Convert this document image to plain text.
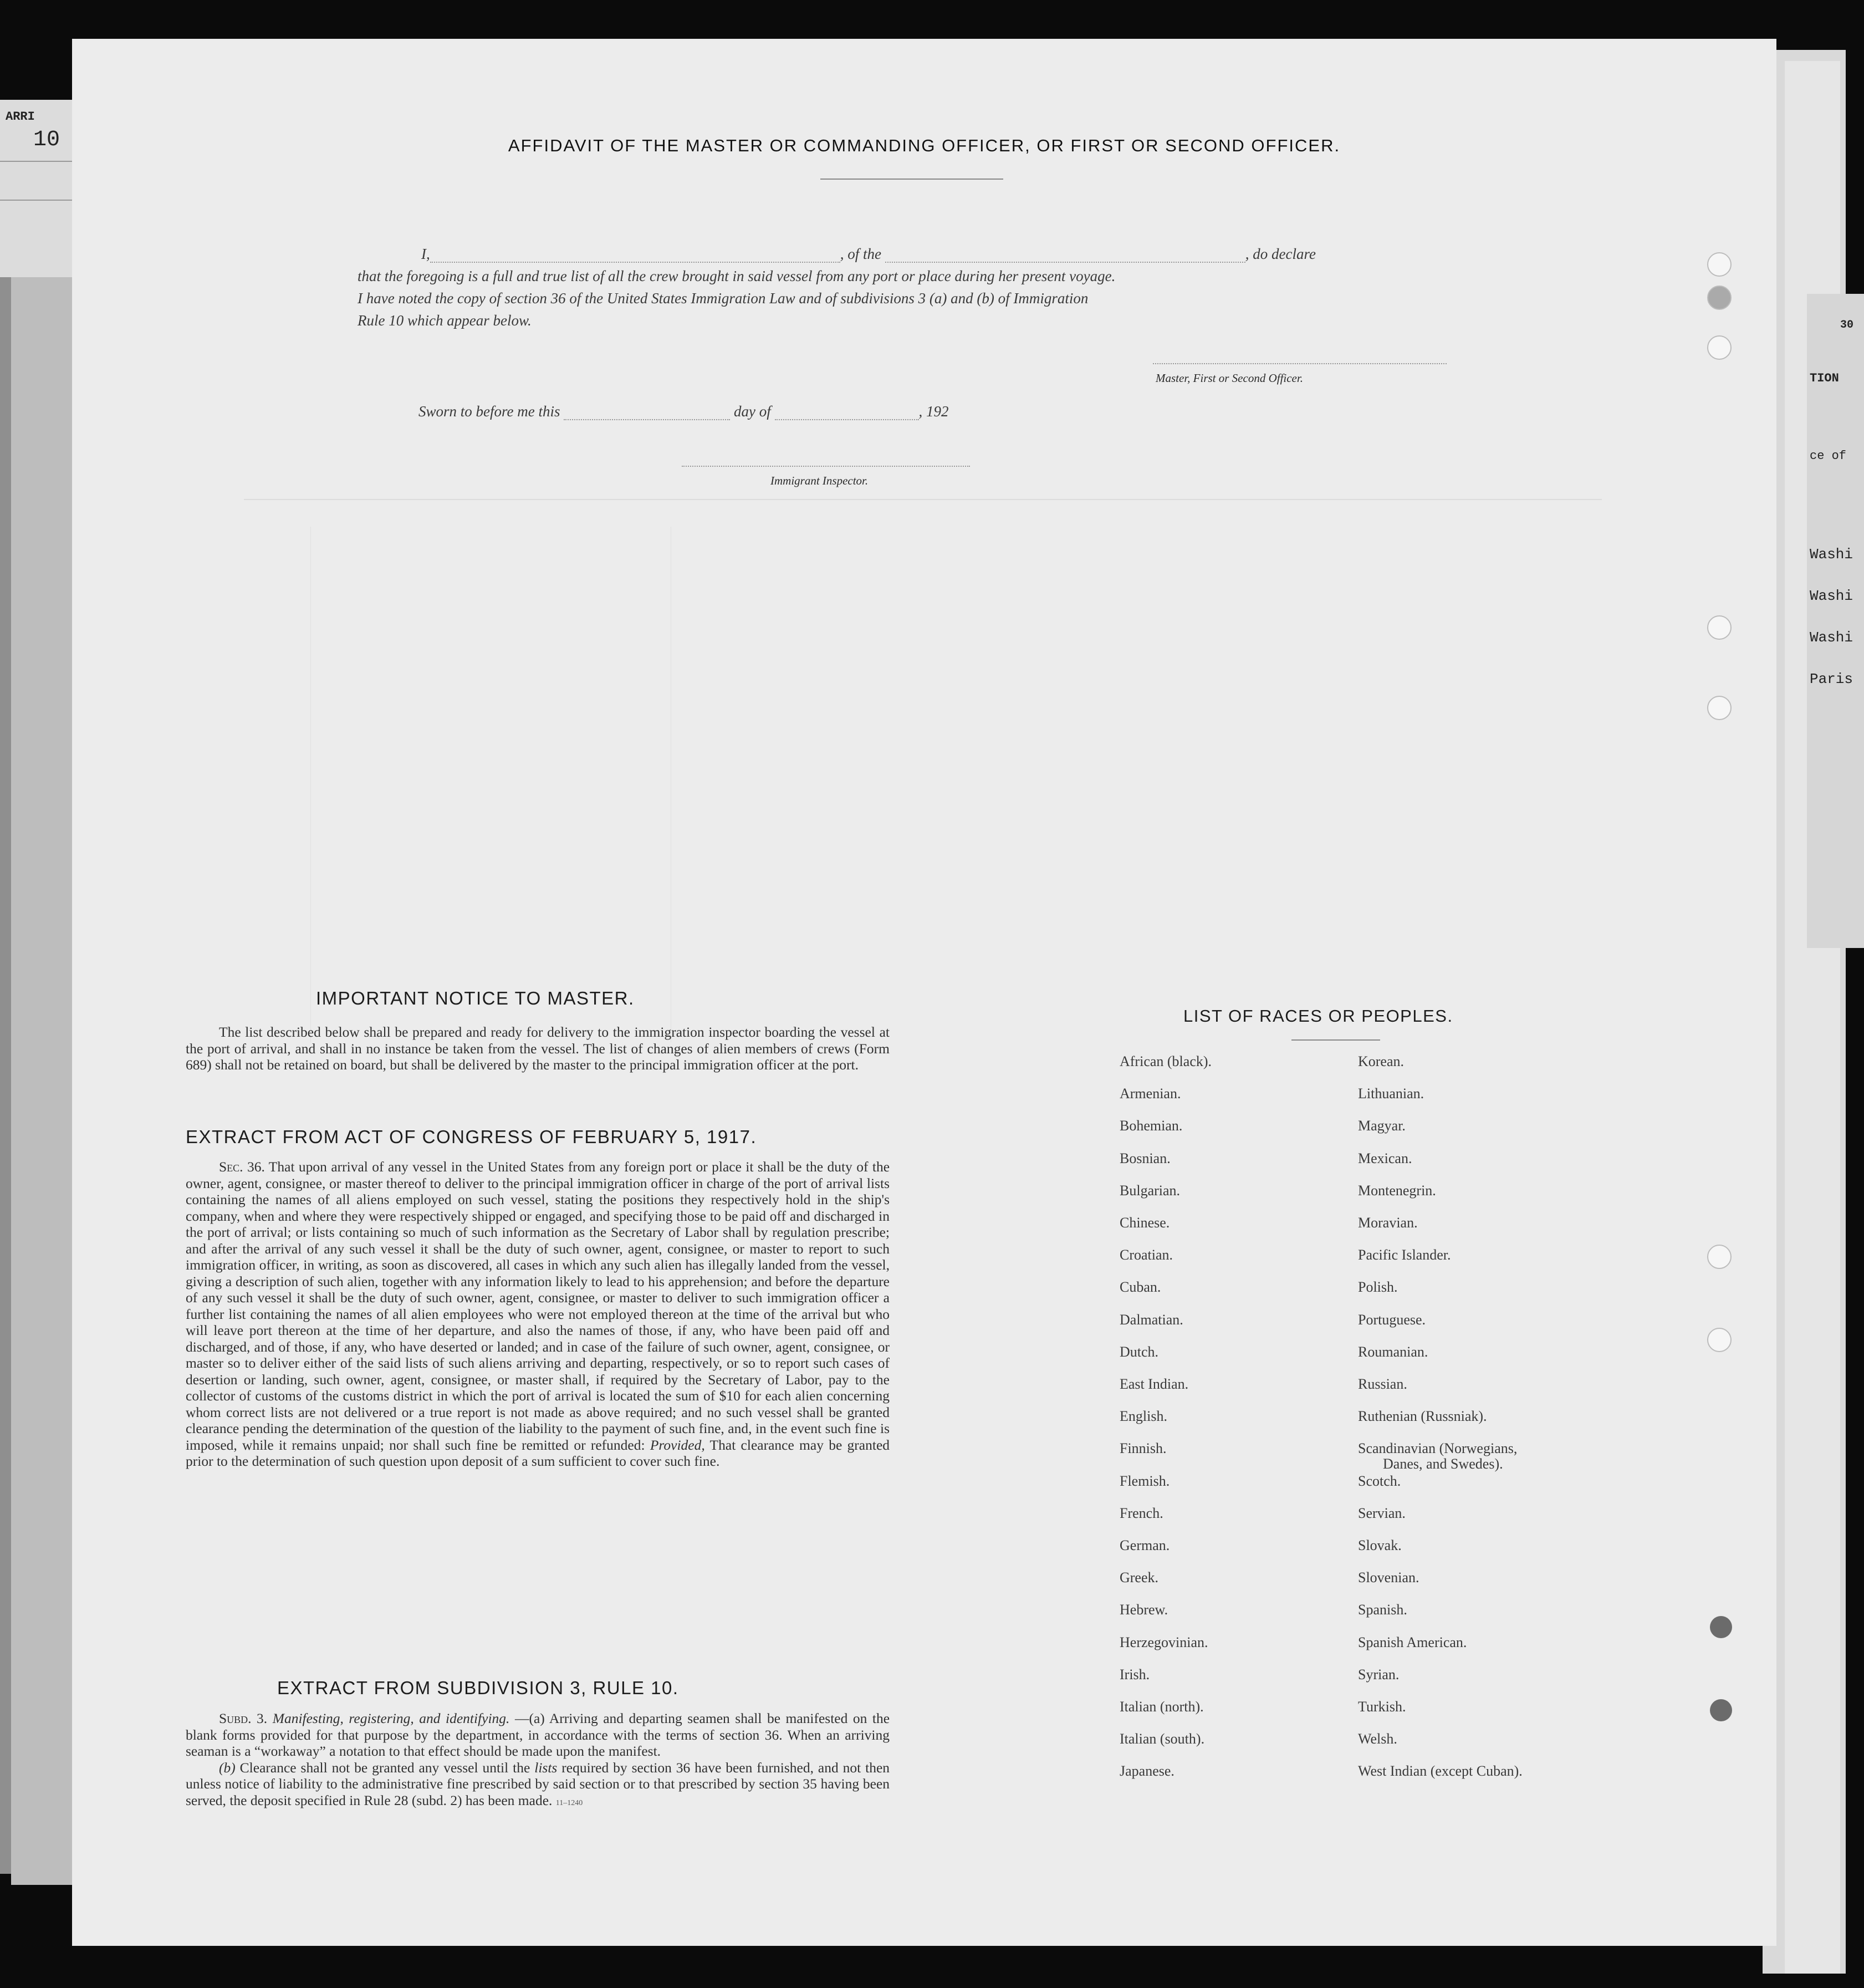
ARRI
10
30
TION
ce of
Washi
Washi
Washi
Paris
AFFIDAVIT OF THE MASTER OR COMMANDING OFFICER, OR FIRST OR SECOND OFFICER.
I,	, of the	, do declare
that the foregoing is a full and true list of all the crew brought in said vessel from any port or place during her present voyage.
I have noted the copy of section 36 of the United States Immigration Law and of subdivisions 3 (a) and (b) of Immigration
Rule 10 which appear below.
Master, First or Second Officer.
Sworn to before me this	day of	, 192
Immigrant Inspector.
IMPORTANT NOTICE TO MASTER.
The list described below shall be prepared and ready for delivery to the immigration inspector boarding the vessel at the port of arrival, and shall in no instance be taken from the vessel. The list of changes of alien members of crews (Form 689) shall not be retained on board, but shall be delivered by the master to the principal immigration officer at the port.
EXTRACT FROM ACT OF CONGRESS OF FEBRUARY 5, 1917.
Sec. 36. That upon arrival of any vessel in the United States from any foreign port or place it shall be the duty of the owner, agent, consignee, or master thereof to deliver to the principal immigration officer in charge of the port of arrival lists containing the names of all aliens employed on such vessel, stating the positions they respectively hold in the ship's company, when and where they were respectively shipped or engaged, and specifying those to be paid off and discharged in the port of arrival; or lists containing so much of such information as the Secretary of Labor shall by regulation prescribe; and after the arrival of any such vessel it shall be the duty of such owner, agent, consignee, or master to report to such immigration officer, in writing, as soon as discovered, all cases in which any such alien has illegally landed from the vessel, giving a description of such alien, together with any information likely to lead to his apprehension; and before the departure of any such vessel it shall be the duty of such owner, agent, consignee, or master to deliver to such immigration officer a further list containing the names of all alien employees who were not employed thereon at the time of the arrival but who will leave port thereon at the time of her departure, and also the names of those, if any, who have been paid off and discharged, and of those, if any, who have deserted or landed; and in case of the failure of such owner, agent, consignee, or master so to deliver either of the said lists of such aliens arriving and departing, respectively, or so to report such cases of desertion or landing, such owner, agent, consignee, or master shall, if required by the Secretary of Labor, pay to the collector of customs of the customs district in which the port of arrival is located the sum of $10 for each alien concerning whom correct lists are not delivered or a true report is not made as above required; and no such vessel shall be granted clearance pending the determination of the question of the liability to the payment of such fine, and, in the event such fine is imposed, while it remains unpaid; nor shall such fine be remitted or refunded: Provided, That clearance may be granted prior to the determination of such question upon deposit of a sum sufficient to cover such fine.
EXTRACT FROM SUBDIVISION 3, RULE 10.

Subd. 3. Manifesting, registering, and identifying. —(a) Arriving and departing seamen shall be manifested on the blank forms provided for that purpose by the department, in accordance with the terms of section 36. When an arriving seaman is a “workaway” a notation to that effect should be made upon the manifest.

(b) Clearance shall not be granted any vessel until the lists required by section 36 have been furnished, and not then unless notice of liability to the administrative fine prescribed by said section or to that prescribed by section 35 having been served, the deposit specified in Rule 28 (subd. 2) has been made. 11–1240

LIST OF RACES OR PEOPLES.
African (black).
Armenian.
Bohemian.
Bosnian.
Bulgarian.
Chinese.
Croatian.
Cuban.
Dalmatian.
Dutch.
East Indian.
English.
Finnish.
Flemish.
French.
German.
Greek.
Hebrew.
Herzegovinian.
Irish.
Italian (north).
Italian (south).
Japanese.
Korean.
Lithuanian.
Magyar.
Mexican.
Montenegrin.
Moravian.
Pacific Islander.
Polish.
Portuguese.
Roumanian.
Russian.
Ruthenian (Russniak).
Scandinavian (Norwegians,
Danes, and Swedes).
Scotch.
Servian.
Slovak.
Slovenian.
Spanish.
Spanish American.
Syrian.
Turkish.
Welsh.
West Indian (except Cuban).
